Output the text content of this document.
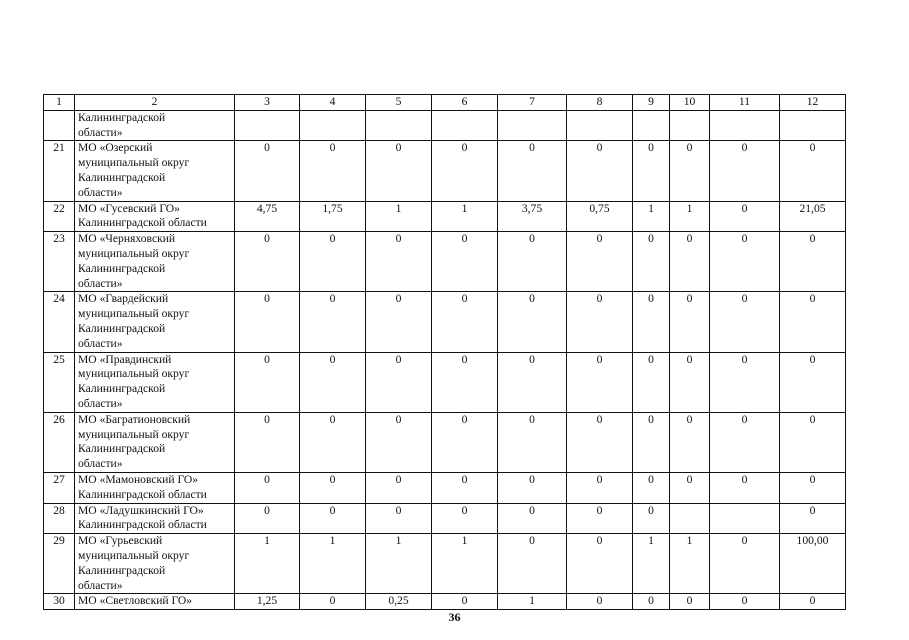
1	2	3	4	5	6	7	8	9	10	11	12

	Калининградской
области»										

21	МО «Озерский
муниципальный округ
Калининградской
области»	0	0	0	0	0	0	0	0	0	0
22	МО «Гусевский ГО»
Калининградской области	4,75	1,75	1	1	3,75	0,75	1	1	0	21,05
23	МО «Черняховский
муниципальный округ
Калининградской
области»	0	0	0	0	0	0	0	0	0	0
24	МО «Гвардейский
муниципальный округ
Калининградской
области»	0	0	0	0	0	0	0	0	0	0
25	МО «Правдинский
муниципальный округ
Калининградской
области»	0	0	0	0	0	0	0	0	0	0
26	МО «Багратионовский
муниципальный округ
Калининградской
области»	0	0	0	0	0	0	0	0	0	0
27	МО «Мамоновский ГО»
Калининградской области	0	0	0	0	0	0	0	0	0	0
28	МО «Ладушкинский ГО»
Калининградской области	0	0	0	0	0	0	0			0
29	МО «Гурьевский
муниципальный округ
Калининградской
области»	1	1	1	1	0	0	1	1	0	100,00
30	МО «Светловский ГО»	1,25	0	0,25	0	1	0	0	0	0	0
36
